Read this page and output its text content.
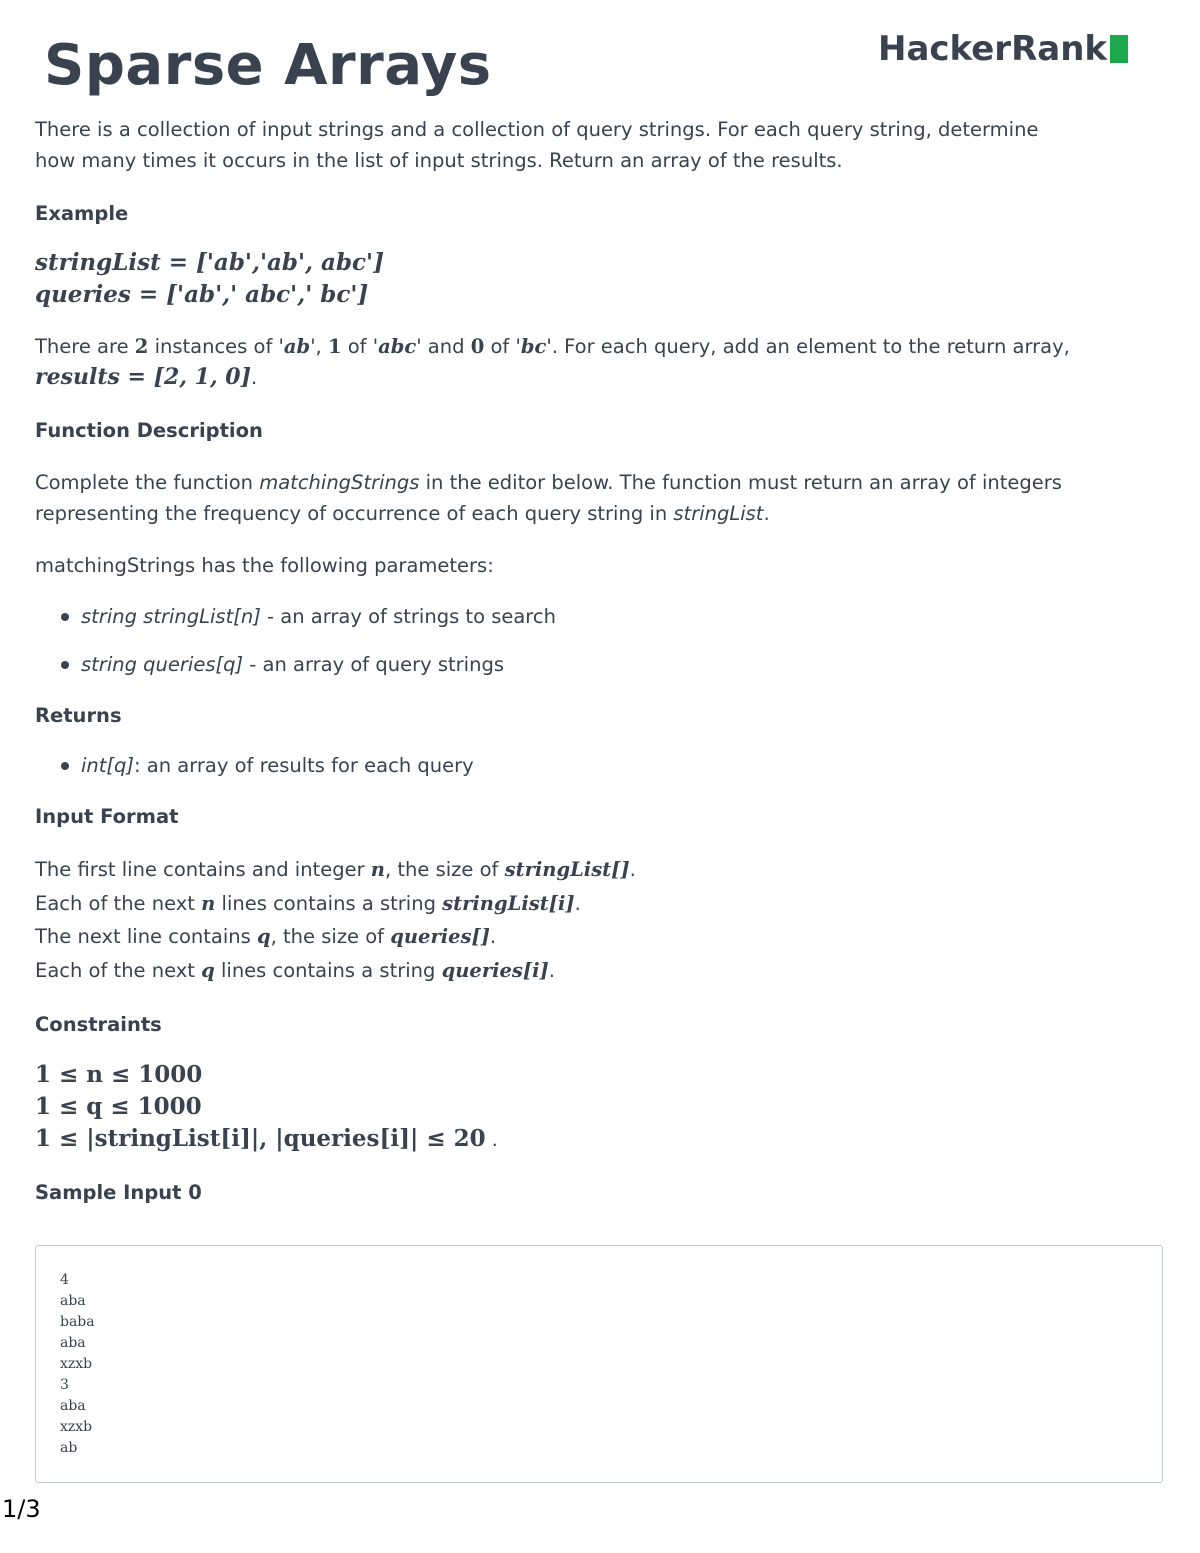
Sparse Arrays	HackerRank

There is a collection of input strings and a collection of query strings. For each query string, determine
how many times it occurs in the list of input strings. Return an array of the results.

Example
stringList = ['ab','ab', abc']
queries = ['ab',' abc',' bc']

There are 2 instances of 'ab', 1 of 'abc' and 0 of 'bc'. For each query, add an element to the return array,
results = [2, 1, 0].

Function Description

Complete the function matchingStrings in the editor below. The function must return an array of integers
representing the frequency of occurrence of each query string in stringList.

matchingStrings has the following parameters:

string stringList[n] - an array of strings to search
string queries[q] - an array of query strings
Returns
int[q]: an array of results for each query
Input Format

The first line contains and integer n, the size of stringList[].
Each of the next n lines contains a string stringList[i].
The next line contains q, the size of queries[].
Each of the next q lines contains a string queries[i].

Constraints
1 ≤ n ≤ 1000
1 ≤ q ≤ 1000
1 ≤ |stringList[i]|, |queries[i]| ≤ 20 .
Sample Input 0
4
aba
baba
aba
xzxb
3
aba
xzxb
ab
1/3
